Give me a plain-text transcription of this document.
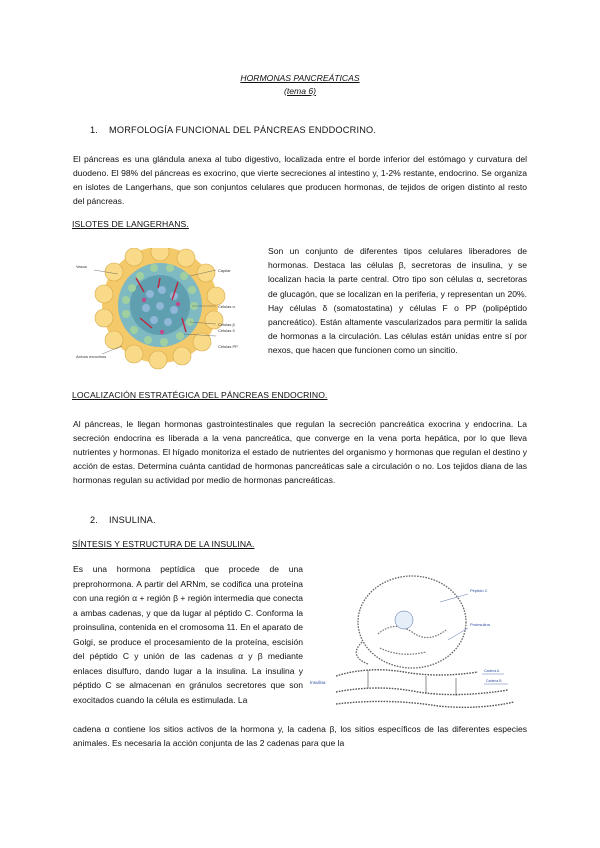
HORMONAS PANCREÁTICAS
(tema 6)
1. MORFOLOGÍA FUNCIONAL DEL PÁNCREAS ENDDOCRINO.

El páncreas es una glándula anexa al tubo digestivo, localizada entre el borde inferior del estómago y curvatura del duodeno. El 98% del páncreas es exocrino, que vierte secreciones al intestino y, 1-2% restante, endocrino. Se organiza en islotes de Langerhans, que son conjuntos celulares que producen hormonas, de tejidos de origen distinto al resto del páncreas.

ISLOTES DE LANGERHANS.
Vasos
Capilar
Células α
Células β
Células δ
Células PP
Acinos exocrinos

Son un conjunto de diferentes tipos celulares liberadores de hormonas. Destaca las células β, secretoras de insulina, y se localizan hacia la parte central. Otro tipo son células α, secretoras de glucagón, que se localizan en la periferia, y representan un 20%. Hay células δ (somatostatina) y células F o PP (polipéptido pancreático). Están altamente vascularizados para permitir la salida de hormonas a la circulación. Las células están unidas entre sí por nexos, que hacen que funcionen como un sincitio.

LOCALIZACIÓN ESTRATÉGICA DEL PÁNCREAS ENDOCRINO.

Al páncreas, le llegan hormonas gastrointestinales que regulan la secreción pancreática exocrina y endocrina. La secreción endocrina es liberada a la vena pancreática, que converge en la vena porta hepática, por lo que lleva nutrientes y hormonas. El hígado monitoriza el estado de nutrientes del organismo y hormonas que regulan el destino y acción de estas. Determina cuánta cantidad de hormonas pancreáticas sale a circulación o no. Los tejidos diana de las hormonas regulan su actividad por medio de hormonas pancreáticas.

2. INSULINA.
SÍNTESIS Y ESTRUCTURA DE LA INSULINA.

Es una hormona peptídica que procede de una preprohormona. A partir del ARNm, se codifica una proteína con una región α + región β + región intermedia que conecta a ambas cadenas, y que da lugar al péptido C. Conforma la proinsulina, contenida en el cromosoma 11. En el aparato de Golgi, se produce el procesamiento de la proteína, escisión del péptido C y unión de las cadenas α y β mediante enlaces disulfuro, dando lugar a la insulina. La insulina y péptido C se almacenan en gránulos secretores que son exocitados cuando la célula es estimulada. La

Péptido C
Proinsulina
Insulina
Cadena A
Cadena B

cadena α contiene los sitios activos de la hormona y, la cadena β, los sitios específicos de las diferentes especies animales. Es necesaria la acción conjunta de las 2 cadenas para que la
